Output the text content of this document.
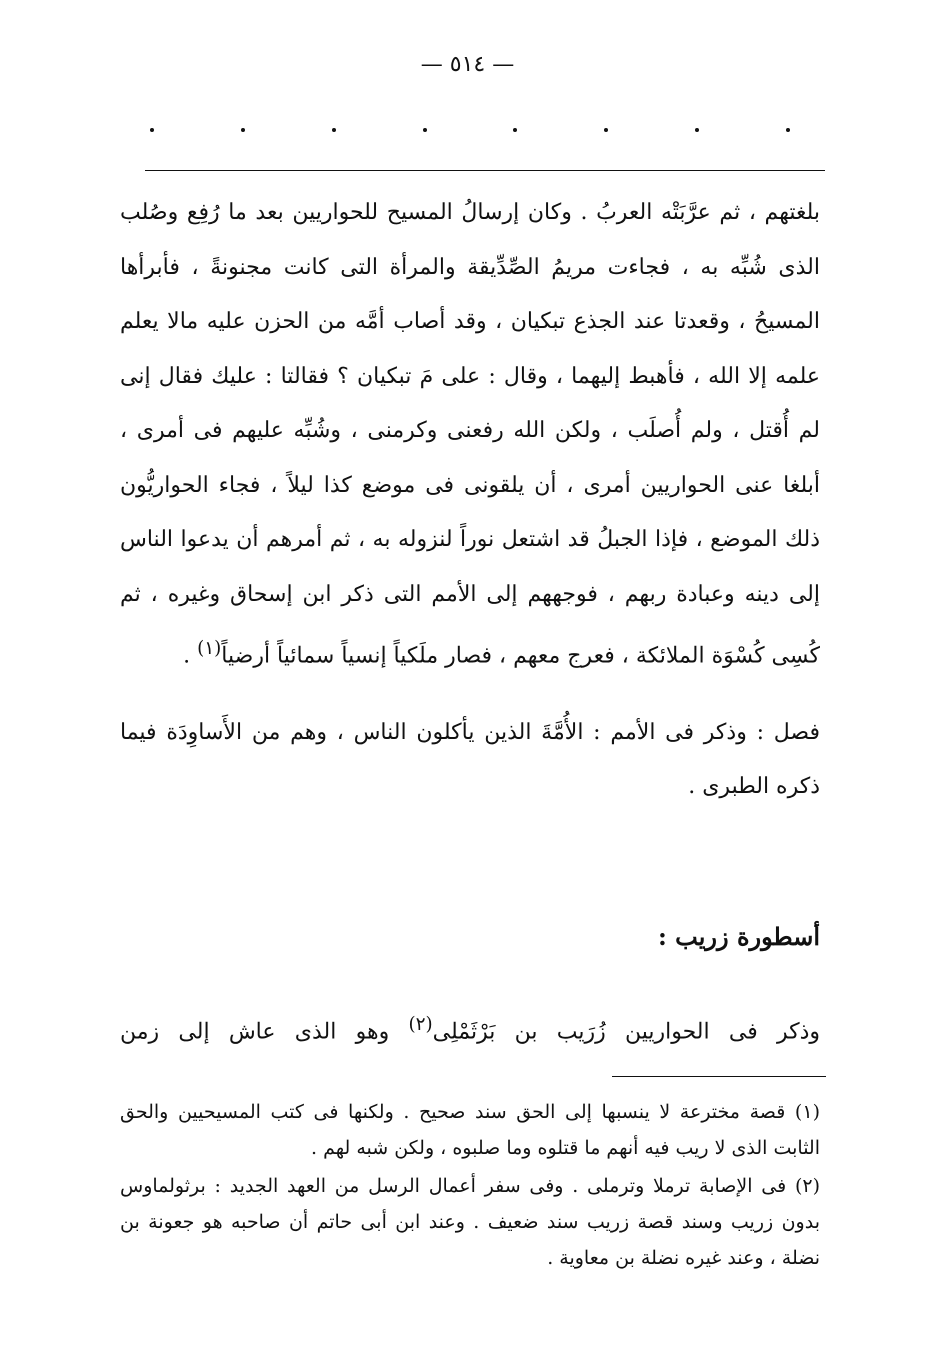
— ٥١٤ —

بلغتهم ، ثم عرَّبَتْه العربُ . وكان إرسالُ المسيح للحواريين بعد ما رُفِع وصُلب الذى شُبِّه به ، فجاءت مريمُ الصِّدِّيقة والمرأة التى كانت مجنونةً ، فأبرأها المسيحُ ، وقعدتا عند الجذع تبكيان ، وقد أصاب أمَّه من الحزن عليه مالا يعلم علمه إلا الله ، فأهبط إليهما ، وقال : على مَ تبكيان ؟ فقالتا : عليك فقال إنى لم أُقتل ، ولم أُصلَب ، ولكن الله رفعنى وكرمنى ، وشُبِّه عليهم فى أمرى ، أبلغا عنى الحواريين أمرى ، أن يلقونى فى موضع كذا ليلاً ، فجاء الحواريُّون ذلك الموضع ، فإذا الجبلُ قد اشتعل نوراً لنزوله به ، ثم أمرهم أن يدعوا الناس إلى دينه وعبادة ربهم ، فوجههم إلى الأمم التى ذكر ابن إسحاق وغيره ، ثم كُسِى كُسْوَة الملائكة ، فعرج معهم ، فصار ملَكياً إنسياً سمائياً أرضياً$^{(١)}$ .

فصل : وذكر فى الأمم : الأُمَّةَ الذين يأكلون الناس ، وهم من الأَساوِدَة فيما ذكره الطبرى .

أسطورة زريب :
وذكر فى الحواريين زُرَيب بن بَرْثَمْلِى$^{(٢)}$ وهو الذى عاش إلى زمن

(١) قصة مخترعة لا ينسبها إلى الحق سند صحيح . ولكنها فى كتب المسيحيين والحق الثابت الذى لا ريب فيه أنهم ما قتلوه وما صلبوه ، ولكن شبه لهم .

(٢) فى الإصابة ترملا وترملى . وفى سفر أعمال الرسل من العهد الجديد : برثولماوس بدون زريب وسند قصة زريب سند ضعيف . وعند ابن أبى حاتم أن صاحبه هو جعونة بن نضلة ، وعند غيره نضلة بن معاوية .
